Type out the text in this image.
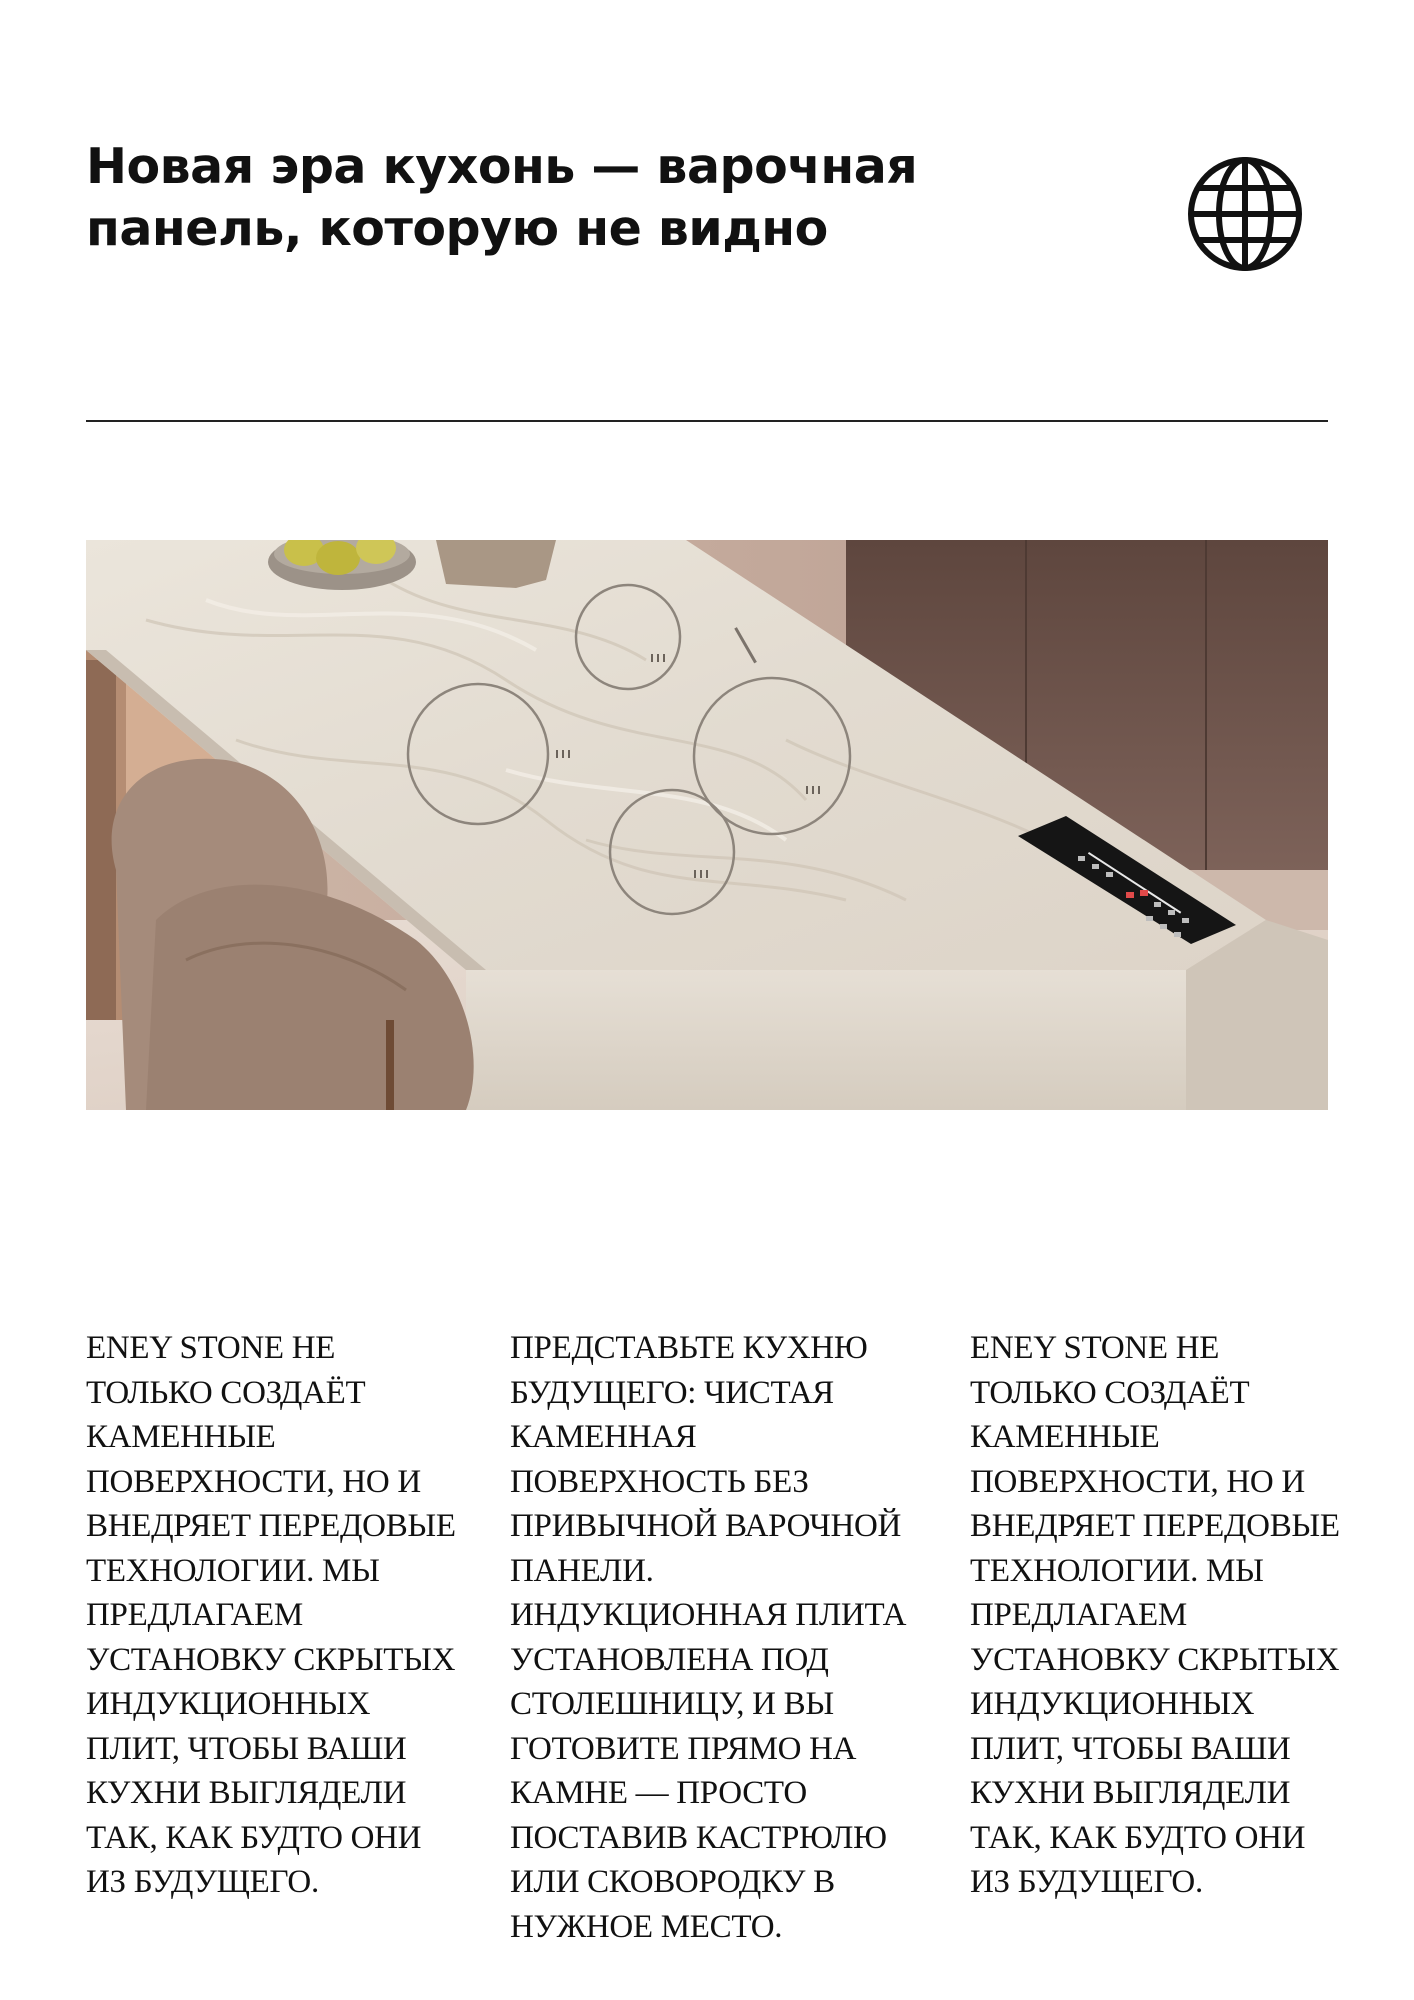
Новая эра кухонь — варочная
панель, которую не видно
ENEY STONE НЕ
ТОЛЬКО СОЗДАЁТ
КАМЕННЫЕ
ПОВЕРХНОСТИ, НО И
ВНЕДРЯЕТ ПЕРЕДОВЫЕ
ТЕХНОЛОГИИ. МЫ
ПРЕДЛАГАЕМ
УСТАНОВКУ СКРЫТЫХ
ИНДУКЦИОННЫХ
ПЛИТ, ЧТОБЫ ВАШИ
КУХНИ ВЫГЛЯДЕЛИ
ТАК, КАК БУДТО ОНИ
ИЗ БУДУЩЕГО.
ПРЕДСТАВЬТЕ КУХНЮ
БУДУЩЕГО: ЧИСТАЯ
КАМЕННАЯ
ПОВЕРХНОСТЬ БЕЗ
ПРИВЫЧНОЙ ВАРОЧНОЙ
ПАНЕЛИ.
ИНДУКЦИОННАЯ ПЛИТА
УСТАНОВЛЕНА ПОД
СТОЛЕШНИЦУ, И ВЫ
ГОТОВИТЕ ПРЯМО НА
КАМНЕ — ПРОСТО
ПОСТАВИВ КАСТРЮЛЮ
ИЛИ СКОВОРОДКУ В
НУЖНОЕ МЕСТО.
ENEY STONE НЕ
ТОЛЬКО СОЗДАЁТ
КАМЕННЫЕ
ПОВЕРХНОСТИ, НО И
ВНЕДРЯЕТ ПЕРЕДОВЫЕ
ТЕХНОЛОГИИ. МЫ
ПРЕДЛАГАЕМ
УСТАНОВКУ СКРЫТЫХ
ИНДУКЦИОННЫХ
ПЛИТ, ЧТОБЫ ВАШИ
КУХНИ ВЫГЛЯДЕЛИ
ТАК, КАК БУДТО ОНИ
ИЗ БУДУЩЕГО.
